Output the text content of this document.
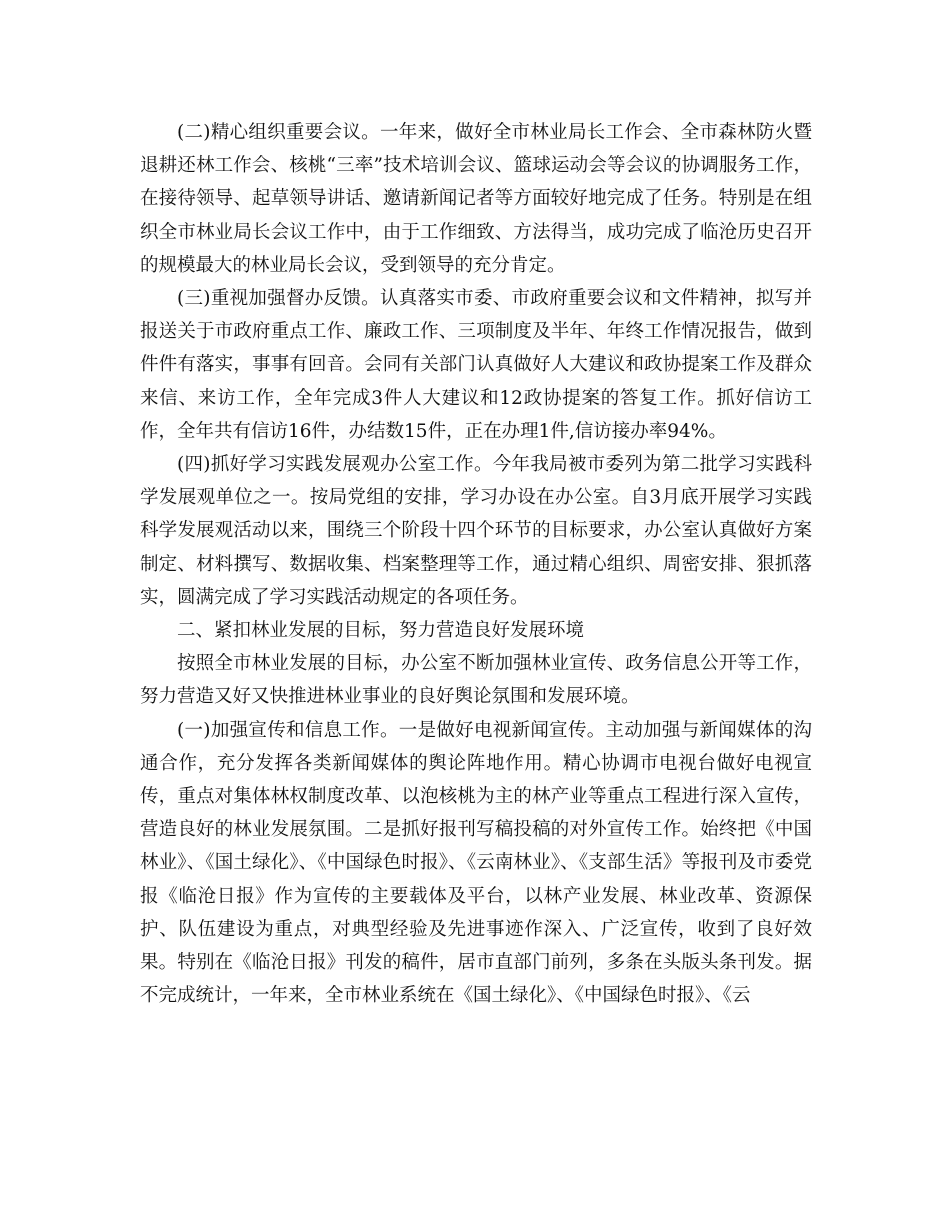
(二)精心组织重要会议。一年来，做好全市林业局长工作会、全市森林防火暨退耕还林工作会、核桃“三率”技术培训会议、篮球运动会等会议的协调服务工作，在接待领导、起草领导讲话、邀请新闻记者等方面较好地完成了任务。特别是在组织全市林业局长会议工作中，由于工作细致、方法得当，成功完成了临沧历史召开的规模最大的林业局长会议，受到领导的充分肯定。

(三)重视加强督办反馈。认真落实市委、市政府重要会议和文件精神，拟写并报送关于市政府重点工作、廉政工作、三项制度及半年、年终工作情况报告，做到件件有落实，事事有回音。会同有关部门认真做好人大建议和政协提案工作及群众来信、来访工作，全年完成3件人大建议和12政协提案的答复工作。抓好信访工作，全年共有信访16件，办结数15件，正在办理1件,信访接办率94%。

(四)抓好学习实践发展观办公室工作。今年我局被市委列为第二批学习实践科学发展观单位之一。按局党组的安排，学习办设在办公室。自3月底开展学习实践科学发展观活动以来，围绕三个阶段十四个环节的目标要求，办公室认真做好方案制定、材料撰写、数据收集、档案整理等工作，通过精心组织、周密安排、狠抓落实，圆满完成了学习实践活动规定的各项任务。

二、紧扣林业发展的目标，努力营造良好发展环境

按照全市林业发展的目标，办公室不断加强林业宣传、政务信息公开等工作，努力营造又好又快推进林业事业的良好舆论氛围和发展环境。

(一)加强宣传和信息工作。一是做好电视新闻宣传。主动加强与新闻媒体的沟通合作，充分发挥各类新闻媒体的舆论阵地作用。精心协调市电视台做好电视宣传，重点对集体林权制度改革、以泡核桃为主的林产业等重点工程进行深入宣传，营造良好的林业发展氛围。二是抓好报刊写稿投稿的对外宣传工作。始终把《中国林业》、《国土绿化》、《中国绿色时报》、《云南林业》、《支部生活》等报刊及市委党报《临沧日报》作为宣传的主要载体及平台，以林产业发展、林业改革、资源保护、队伍建设为重点，对典型经验及先进事迹作深入、广泛宣传，收到了良好效果。特别在《临沧日报》刊发的稿件，居市直部门前列，多条在头版头条刊发。据不完成统计，一年来，全市林业系统在《国土绿化》、《中国绿色时报》、《云
